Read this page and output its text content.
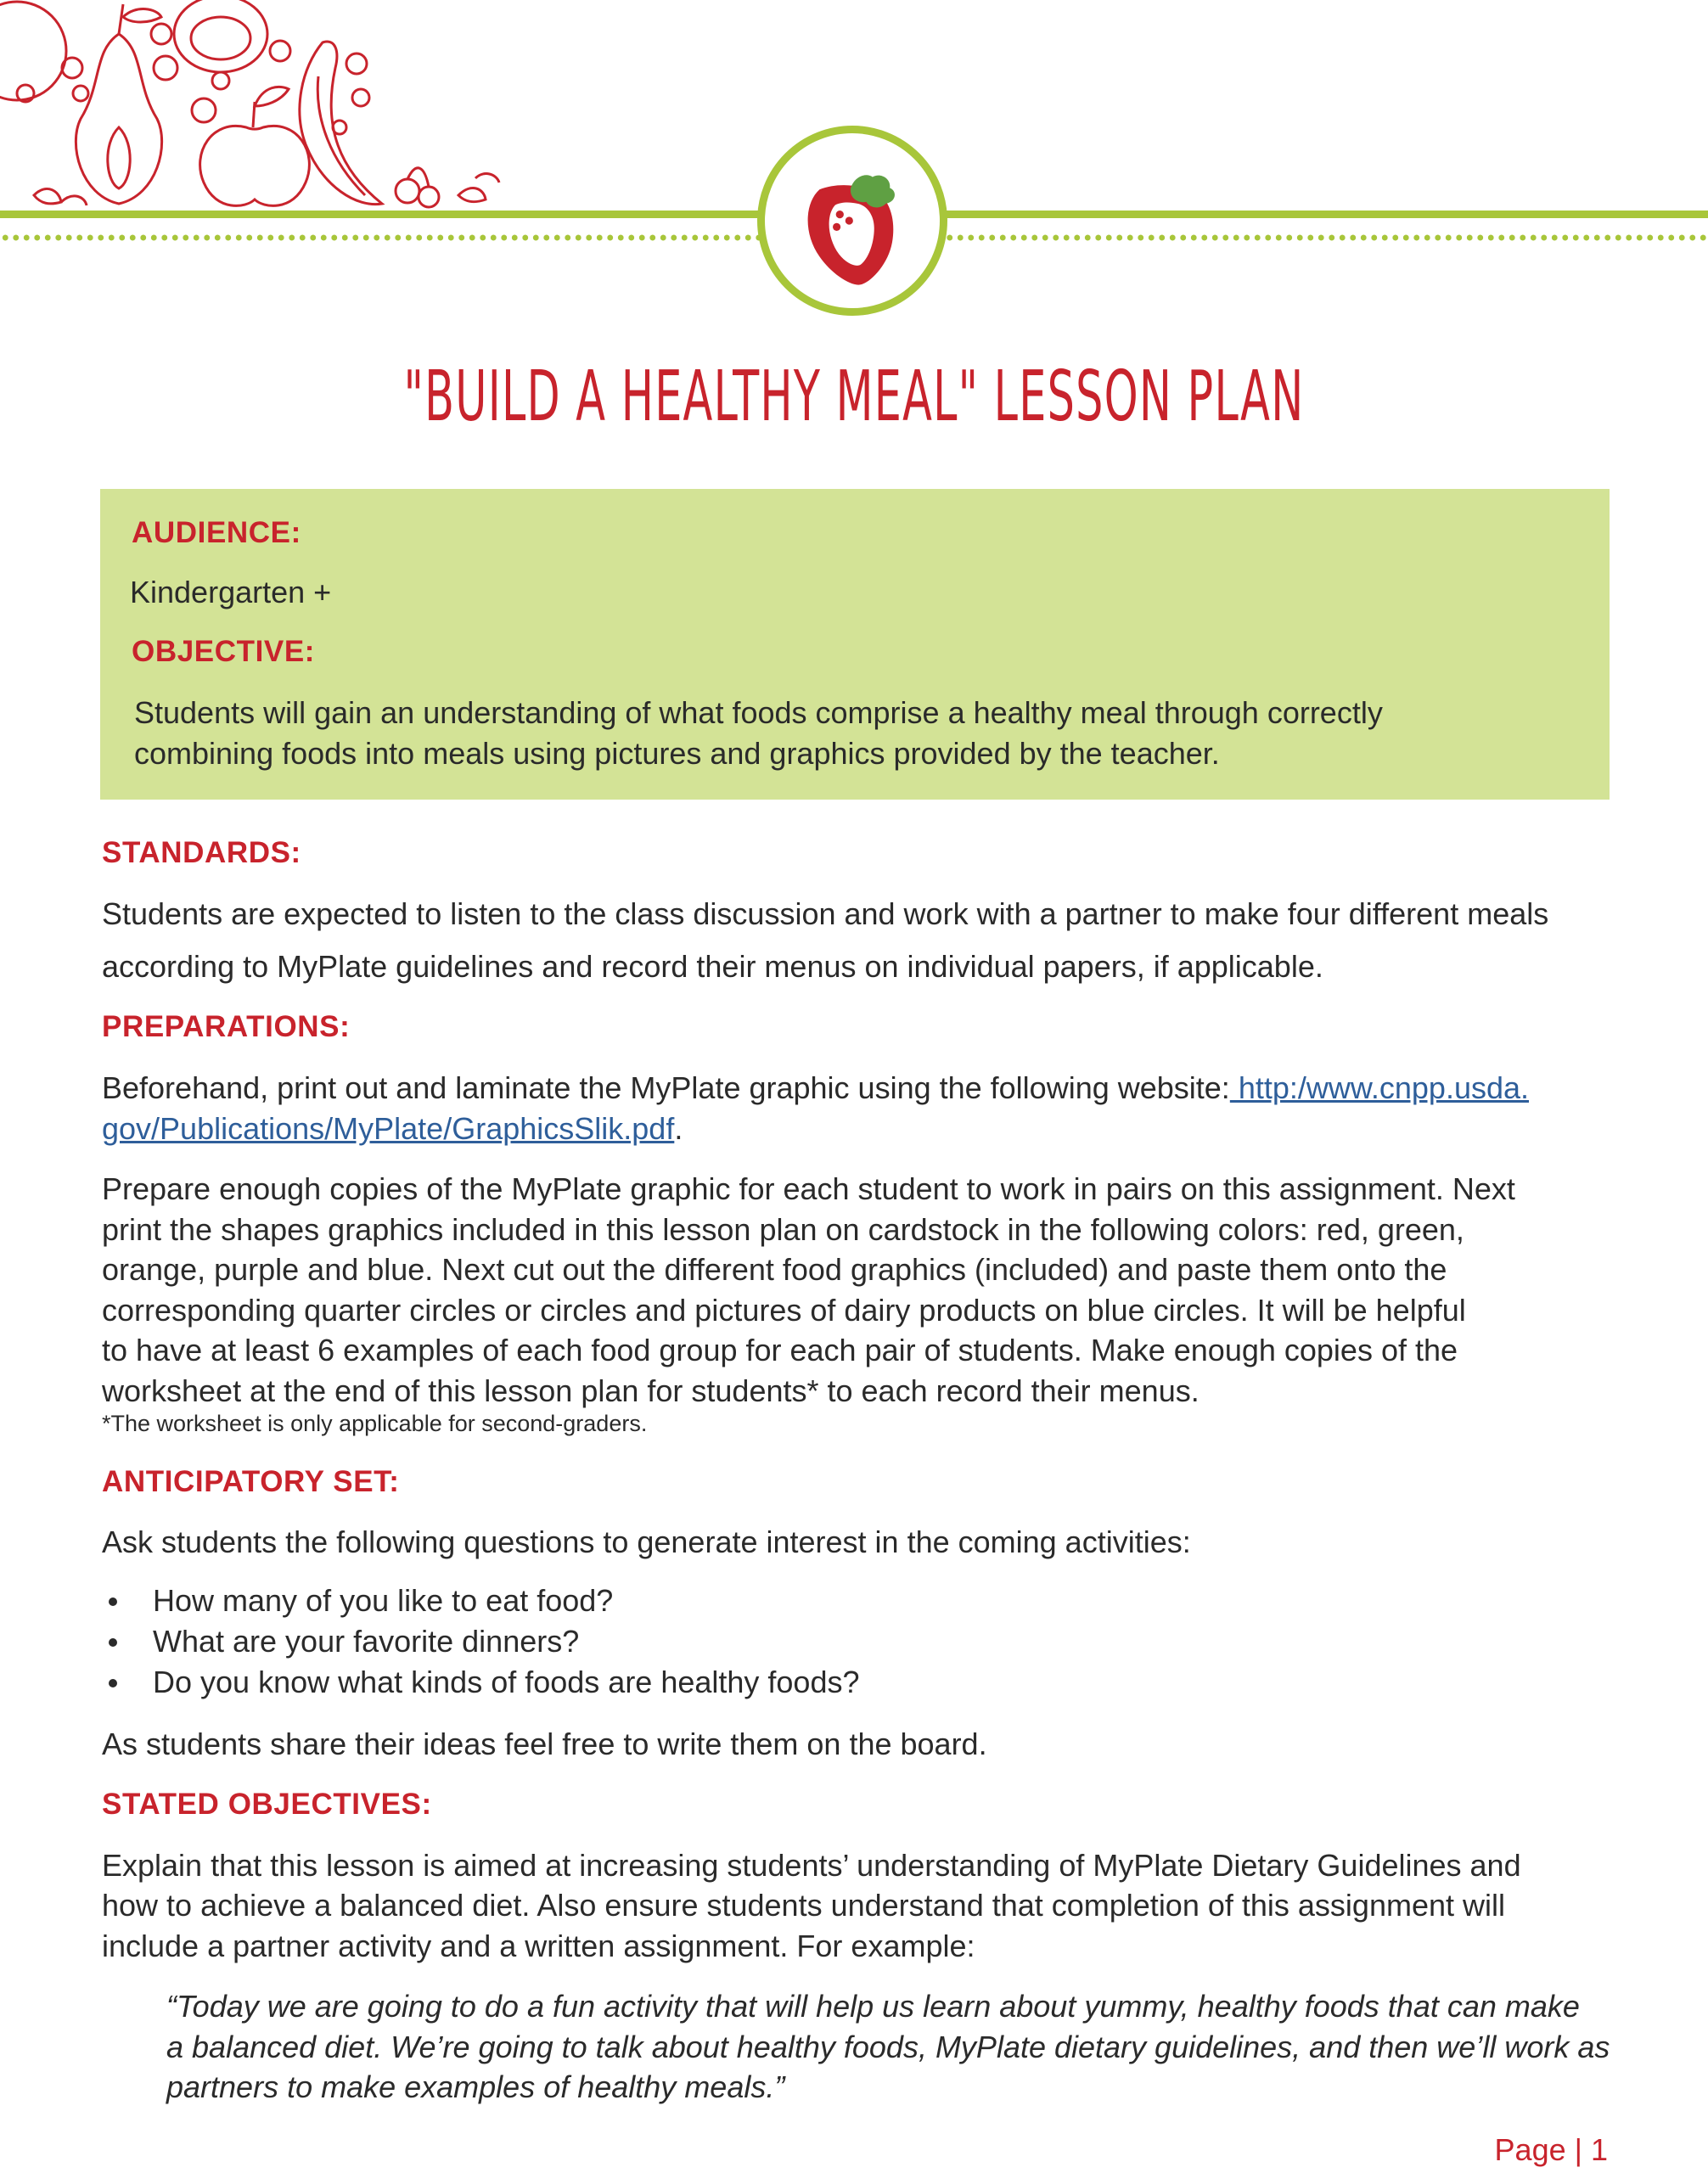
"BUILD A HEALTHY MEAL" LESSON PLAN
AUDIENCE:

Kindergarten +

OBJECTIVE:

Students will gain an understanding of what foods comprise a healthy meal through correctly

combining foods into meals using pictures and graphics provided by the teacher.

STANDARDS:

Students are expected to listen to the class discussion and work with a partner to make four different meals

according to MyPlate guidelines and record their menus on individual papers, if applicable.

PREPARATIONS:

Beforehand, print out and laminate the MyPlate graphic using the following website: http:/www.cnpp.usda.

gov/Publications/MyPlate/GraphicsSlik.pdf.

Prepare enough copies of the MyPlate graphic for each student to work in pairs on this assignment. Next

print the shapes graphics included in this lesson plan on cardstock in the following colors: red, green,

orange, purple and blue. Next cut out the different food graphics (included) and paste them onto the

corresponding quarter circles or circles and pictures of dairy products on blue circles. It will be helpful

to have at least 6 examples of each food group for each pair of students. Make enough copies of the

worksheet at the end of this lesson plan for students* to each record their menus.

*The worksheet is only applicable for second-graders.

ANTICIPATORY SET:

Ask students the following questions to generate interest in the coming activities:

How many of you like to eat food?
What are your favorite dinners?
Do you know what kinds of foods are healthy foods?

As students share their ideas feel free to write them on the board.

STATED OBJECTIVES:

Explain that this lesson is aimed at increasing students’ understanding of MyPlate Dietary Guidelines and

how to achieve a balanced diet. Also ensure students understand that completion of this assignment will

include a partner activity and a written assignment. For example:

“Today we are going to do a fun activity that will help us learn about yummy, healthy foods that can make

a balanced diet. We’re going to talk about healthy foods, MyPlate dietary guidelines, and then we’ll work as

partners to make examples of healthy meals.”

Page | 1
